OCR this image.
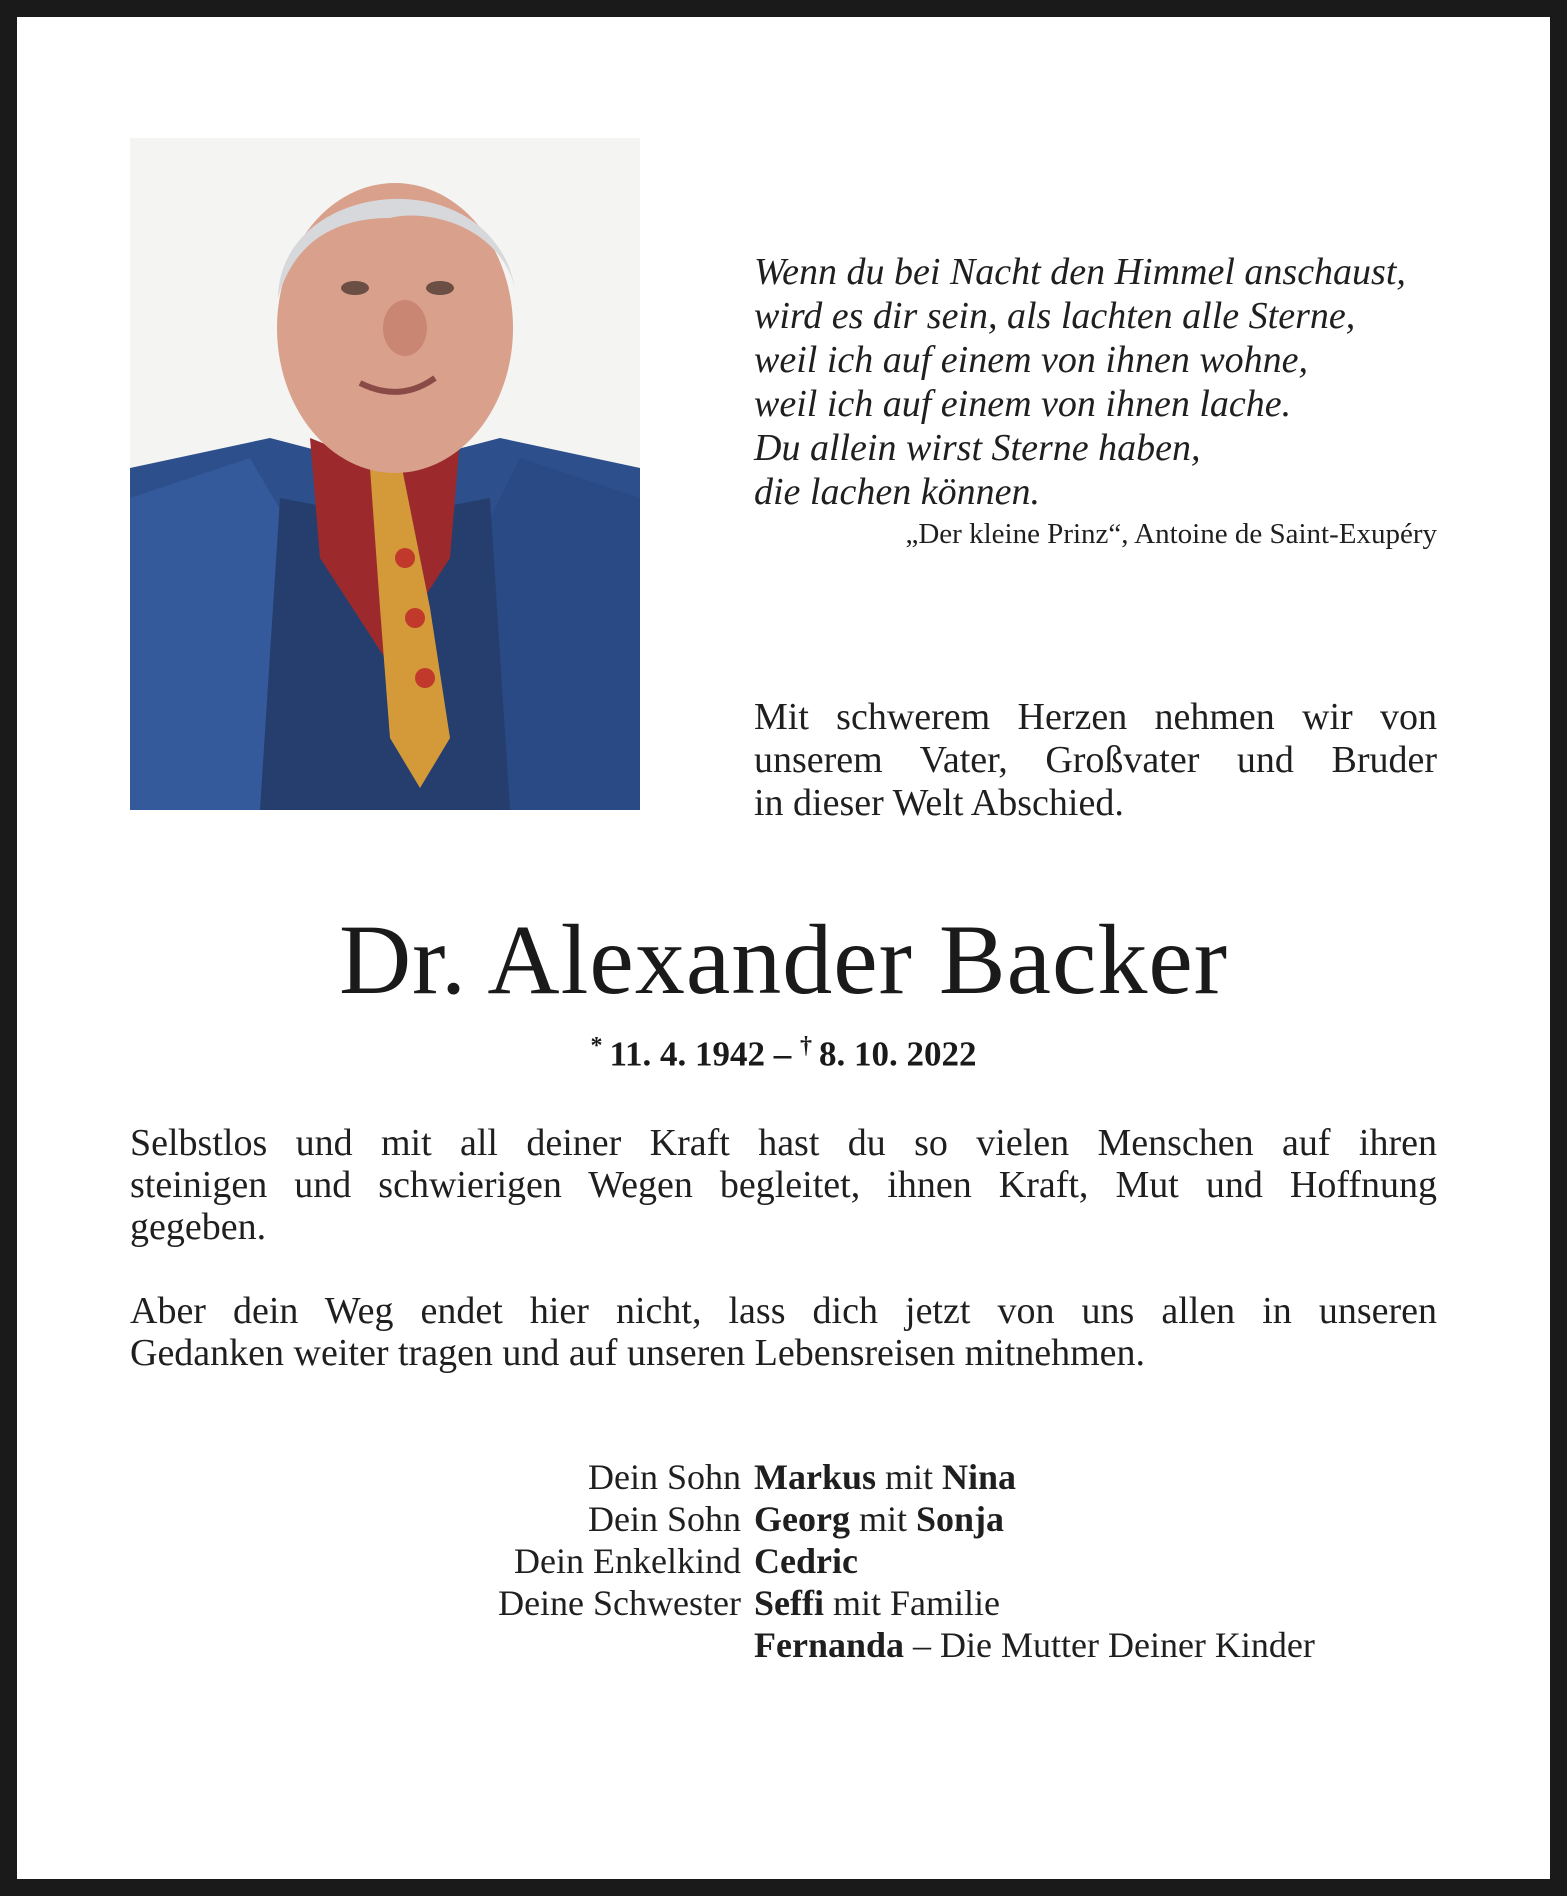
Wenn du bei Nacht den Himmel anschaust,
wird es dir sein, als lachten alle Sterne,
weil ich auf einem von ihnen wohne,
weil ich auf einem von ihnen lache.
Du allein wirst Sterne haben,
die lachen können.
„Der kleine Prinz“, Antoine de Saint-Exupéry
Mit schwerem Herzen nehmen wir von
unserem Vater, Großvater und Bruder
in dieser Welt Abschied.
Dr. Alexander Backer
*  11. 4. 1942 – †  8. 10. 2022
Selbstlos und mit all deiner Kraft hast du so vielen Menschen auf ihren
steinigen und schwierigen Wegen begleitet, ihnen Kraft, Mut und Hoffnung
gegeben.
Aber dein Weg endet hier nicht, lass dich jetzt von uns allen in unseren
Gedanken weiter tragen und auf unseren Lebensreisen mitnehmen.
Dein Sohn Markus mit Nina
Dein Sohn Georg mit Sonja
Dein Enkelkind Cedric
Deine Schwester Seffi mit Familie
Fernanda – Die Mutter Deiner Kinder
